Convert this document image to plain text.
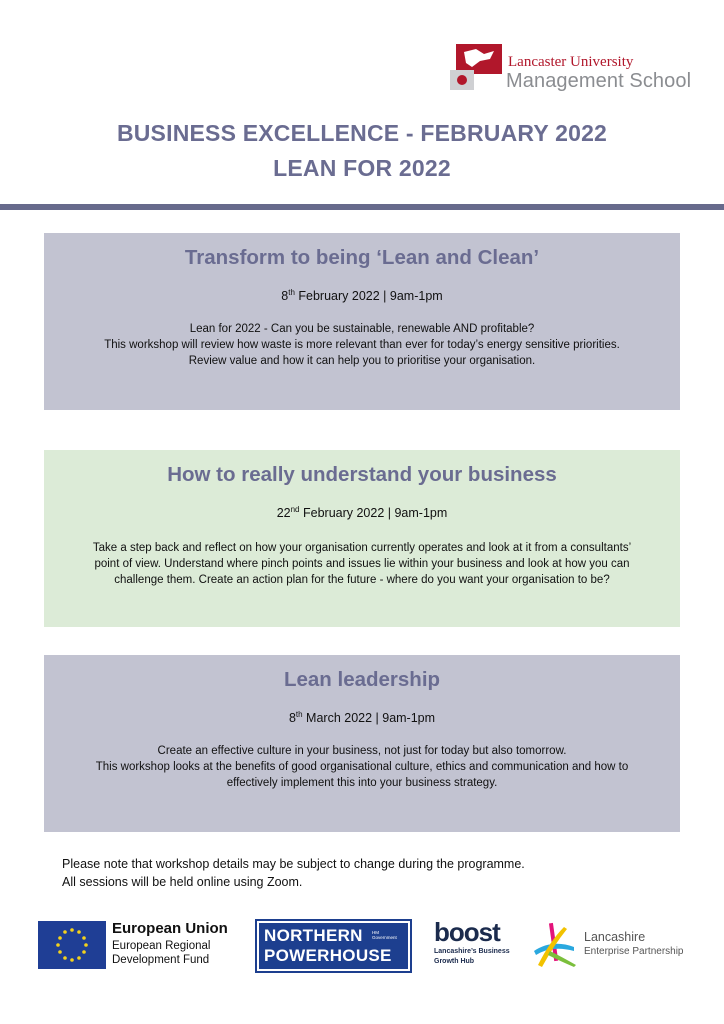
Lancaster University
Management School
BUSINESS EXCELLENCE - FEBRUARY 2022
LEAN FOR 2022
Transform to being ‘Lean and Clean’
8th February 2022 | 9am-1pm
Lean for 2022 - Can you be sustainable, renewable AND profitable?
This workshop will review how waste is more relevant than ever for today’s energy sensitive priorities.
Review value and how it can help you to prioritise your organisation.
How to really understand your business
22nd February 2022 | 9am-1pm
Take a step back and reflect on how your organisation currently operates and look at it from a consultants’
point of view. Understand where pinch points and issues lie within your business and look at how you can
challenge them. Create an action plan for the future - where do you want your organisation to be?
Lean leadership
8th March 2022 | 9am-1pm
Create an effective culture in your business, not just for today but also tomorrow.
This workshop looks at the benefits of good organisational culture, ethics and communication and how to
effectively implement this into your business strategy.
Please note that workshop details may be subject to change during the programme.
All sessions will be held online using Zoom.
European Union
European Regional
Development Fund
NORTHERN
POWERHOUSE
HM Government boost
Lancashire’s Business
Growth Hub
Lancashire
Enterprise Partnership
